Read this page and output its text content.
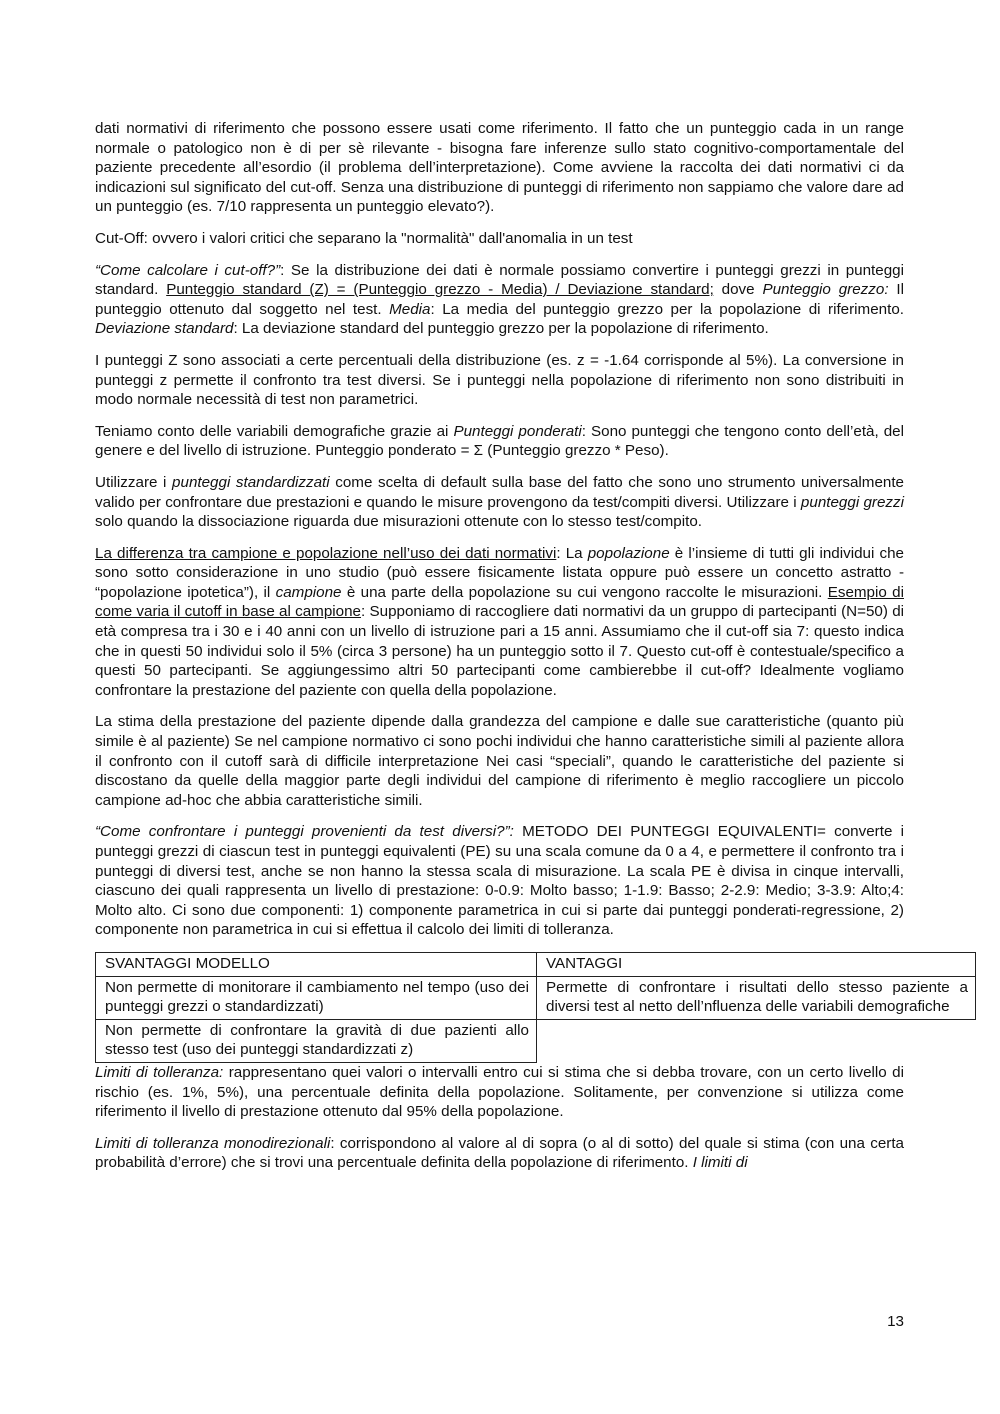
dati normativi di riferimento che possono essere usati come riferimento. Il fatto che un punteggio cada in un range normale o patologico non è di per sè rilevante - bisogna fare inferenze sullo stato cognitivo-comportamentale del paziente precedente all’esordio (il problema dell’interpretazione). Come avviene la raccolta dei dati normativi ci da indicazioni sul significato del cut-off. Senza una distribuzione di punteggi di riferimento non sappiamo che valore dare ad un punteggio (es. 7/10 rappresenta un punteggio elevato?).

Cut-Off: ovvero i valori critici che separano la "normalità" dall'anomalia in un test

“Come calcolare i cut-off?”: Se la distribuzione dei dati è normale possiamo convertire i punteggi grezzi in punteggi standard. Punteggio standard (Z) = (Punteggio grezzo - Media) / Deviazione standard; dove Punteggio grezzo: Il punteggio ottenuto dal soggetto nel test. Media: La media del punteggio grezzo per la popolazione di riferimento. Deviazione standard: La deviazione standard del punteggio grezzo per la popolazione di riferimento.

I punteggi Z sono associati a certe percentuali della distribuzione (es. z = -1.64 corrisponde al 5%). La conversione in punteggi z permette il confronto tra test diversi. Se i punteggi nella popolazione di riferimento non sono distribuiti in modo normale necessità di test non parametrici.

Teniamo conto delle variabili demografiche grazie ai Punteggi ponderati: Sono punteggi che tengono conto dell’età, del genere e del livello di istruzione. Punteggio ponderato = Σ (Punteggio grezzo * Peso).

Utilizzare i punteggi standardizzati come scelta di default sulla base del fatto che sono uno strumento universalmente valido per confrontare due prestazioni e quando le misure provengono da test/compiti diversi. Utilizzare i punteggi grezzi solo quando la dissociazione riguarda due misurazioni ottenute con lo stesso test/compito.

La differenza tra campione e popolazione nell’uso dei dati normativi: La popolazione è l’insieme di tutti gli individui che sono sotto considerazione in uno studio (può essere fisicamente listata oppure può essere un concetto astratto - “popolazione ipotetica”), il campione è una parte della popolazione su cui vengono raccolte le misurazioni. Esempio di come varia il cutoff in base al campione: Supponiamo di raccogliere dati normativi da un gruppo di partecipanti (N=50) di età compresa tra i 30 e i 40 anni con un livello di istruzione pari a 15 anni. Assumiamo che il cut-off sia 7: questo indica che in questi 50 individui solo il 5% (circa 3 persone) ha un punteggio sotto il 7. Questo cut-off è contestuale/specifico a questi 50 partecipanti. Se aggiungessimo altri 50 partecipanti come cambierebbe il cut-off? Idealmente vogliamo confrontare la prestazione del paziente con quella della popolazione.

La stima della prestazione del paziente dipende dalla grandezza del campione e dalle sue caratteristiche (quanto più simile è al paziente) Se nel campione normativo ci sono pochi individui che hanno caratteristiche simili al paziente allora il confronto con il cutoff sarà di difficile interpretazione Nei casi “speciali”, quando le caratteristiche del paziente si discostano da quelle della maggior parte degli individui del campione di riferimento è meglio raccogliere un piccolo campione ad-hoc che abbia caratteristiche simili.

“Come confrontare i punteggi provenienti da test diversi?”: METODO DEI PUNTEGGI EQUIVALENTI= converte i punteggi grezzi di ciascun test in punteggi equivalenti (PE) su una scala comune da 0 a 4, e permettere il confronto tra i punteggi di diversi test, anche se non hanno la stessa scala di misurazione. La scala PE è divisa in cinque intervalli, ciascuno dei quali rappresenta un livello di prestazione: 0-0.9: Molto basso; 1-1.9: Basso; 2-2.9: Medio; 3-3.9: Alto;4: Molto alto. Ci sono due componenti: 1) componente parametrica in cui si parte dai punteggi ponderati-regressione, 2) componente non parametrica in cui si effettua il calcolo dei limiti di tolleranza.

SVANTAGGI MODELLO	VANTAGGI
Non permette di monitorare il cambiamento nel tempo (uso dei punteggi grezzi o standardizzati)	Permette di confrontare i risultati dello stesso paziente a diversi test al netto dell’nfluenza delle variabili demografiche
Non permette di confrontare la gravità di due pazienti allo stesso test (uso dei punteggi standardizzati z)	

Limiti di tolleranza: rappresentano quei valori o intervalli entro cui si stima che si debba trovare, con un certo livello di rischio (es. 1%, 5%), una percentuale definita della popolazione. Solitamente, per convenzione si utilizza come riferimento il livello di prestazione ottenuto dal 95% della popolazione.

Limiti di tolleranza monodirezionali: corrispondono al valore al di sopra (o al di sotto) del quale si stima (con una certa probabilità d’errore) che si trovi una percentuale definita della popolazione di riferimento. I limiti di

13
